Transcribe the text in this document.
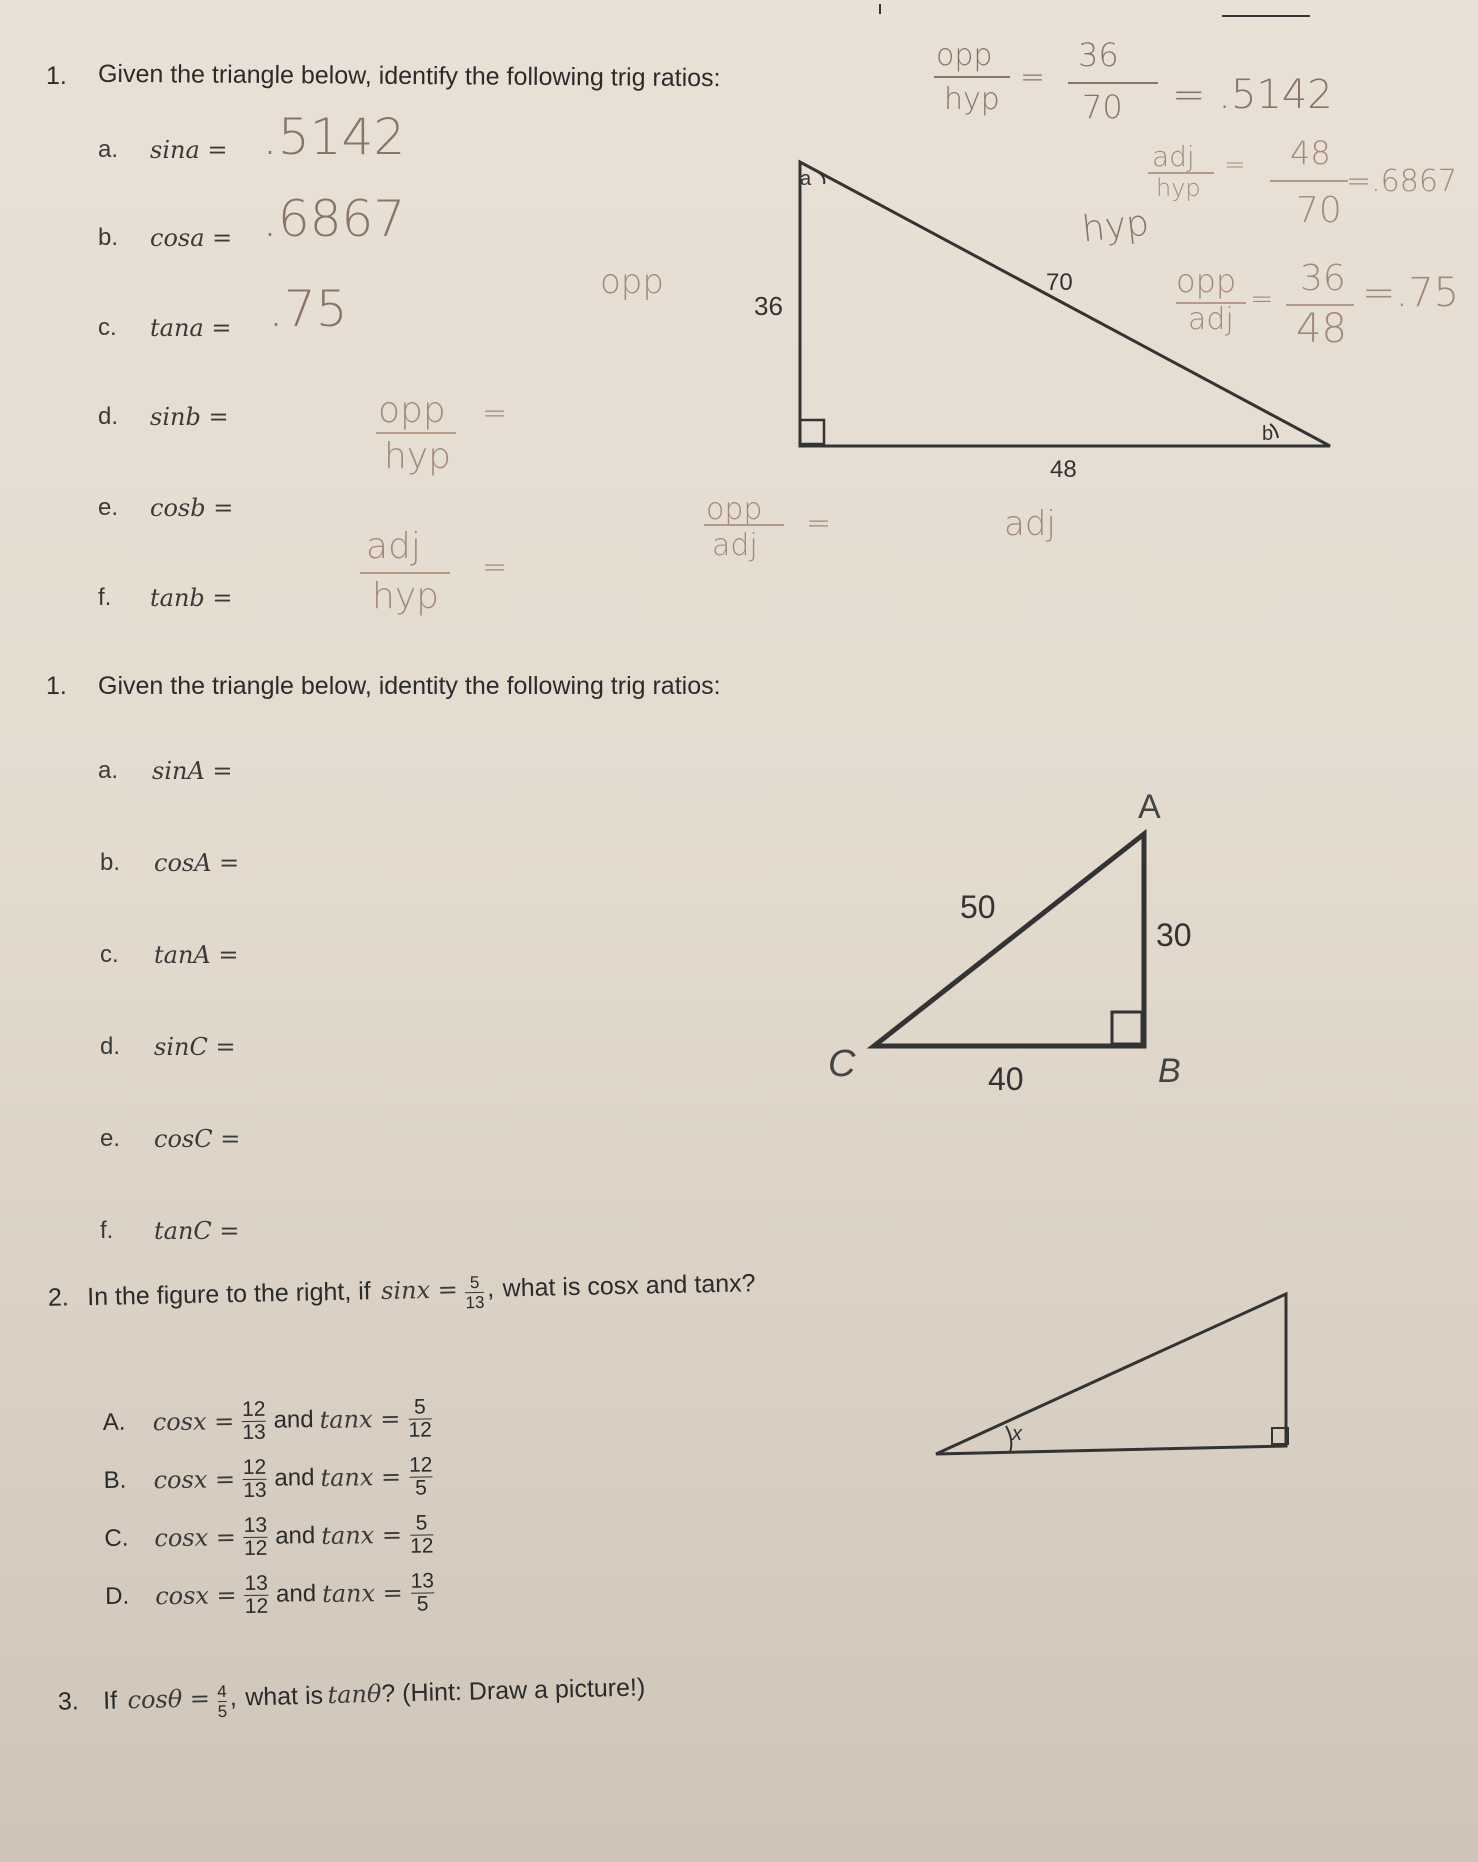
1. Given the triangle below, identify the following trig ratios:
a. sina =
b. cosa =
c. tana =
d. sinb =
e. cosb =
f. tanb =
.5142
.6867
.75
opp
hyp
=
adj
hyp
=
opp
adj
=
opp
adj
hyp
opp
hyp
=
36
70 = .5142
adj
hyp
= 48
70
=.6867
opp
adj
= 36
48
=.75
a
b
36
70
48
1. Given the triangle below, identity the following trig ratios:
a. sinA =
b. cosA =
c. tanA =
d. sinC =
e. cosC =
f. tanC =
A
B
C
50
30
40
2. In the figure to the right, if $\sin x = \frac{5}{13}$ , what is cosx and tanx?
A.	cosx = 12
13 and tanx = 5
12
B.	cosx = 12
13 and tanx = 12
5
C.	cosx = 13
12 and tanx = 5
12
D.	cosx = 13
12 and tanx = 13
5
x
3. If $\cos\theta = \frac{4}{5}$ , what is tanθ? (Hint: Draw a picture!)
